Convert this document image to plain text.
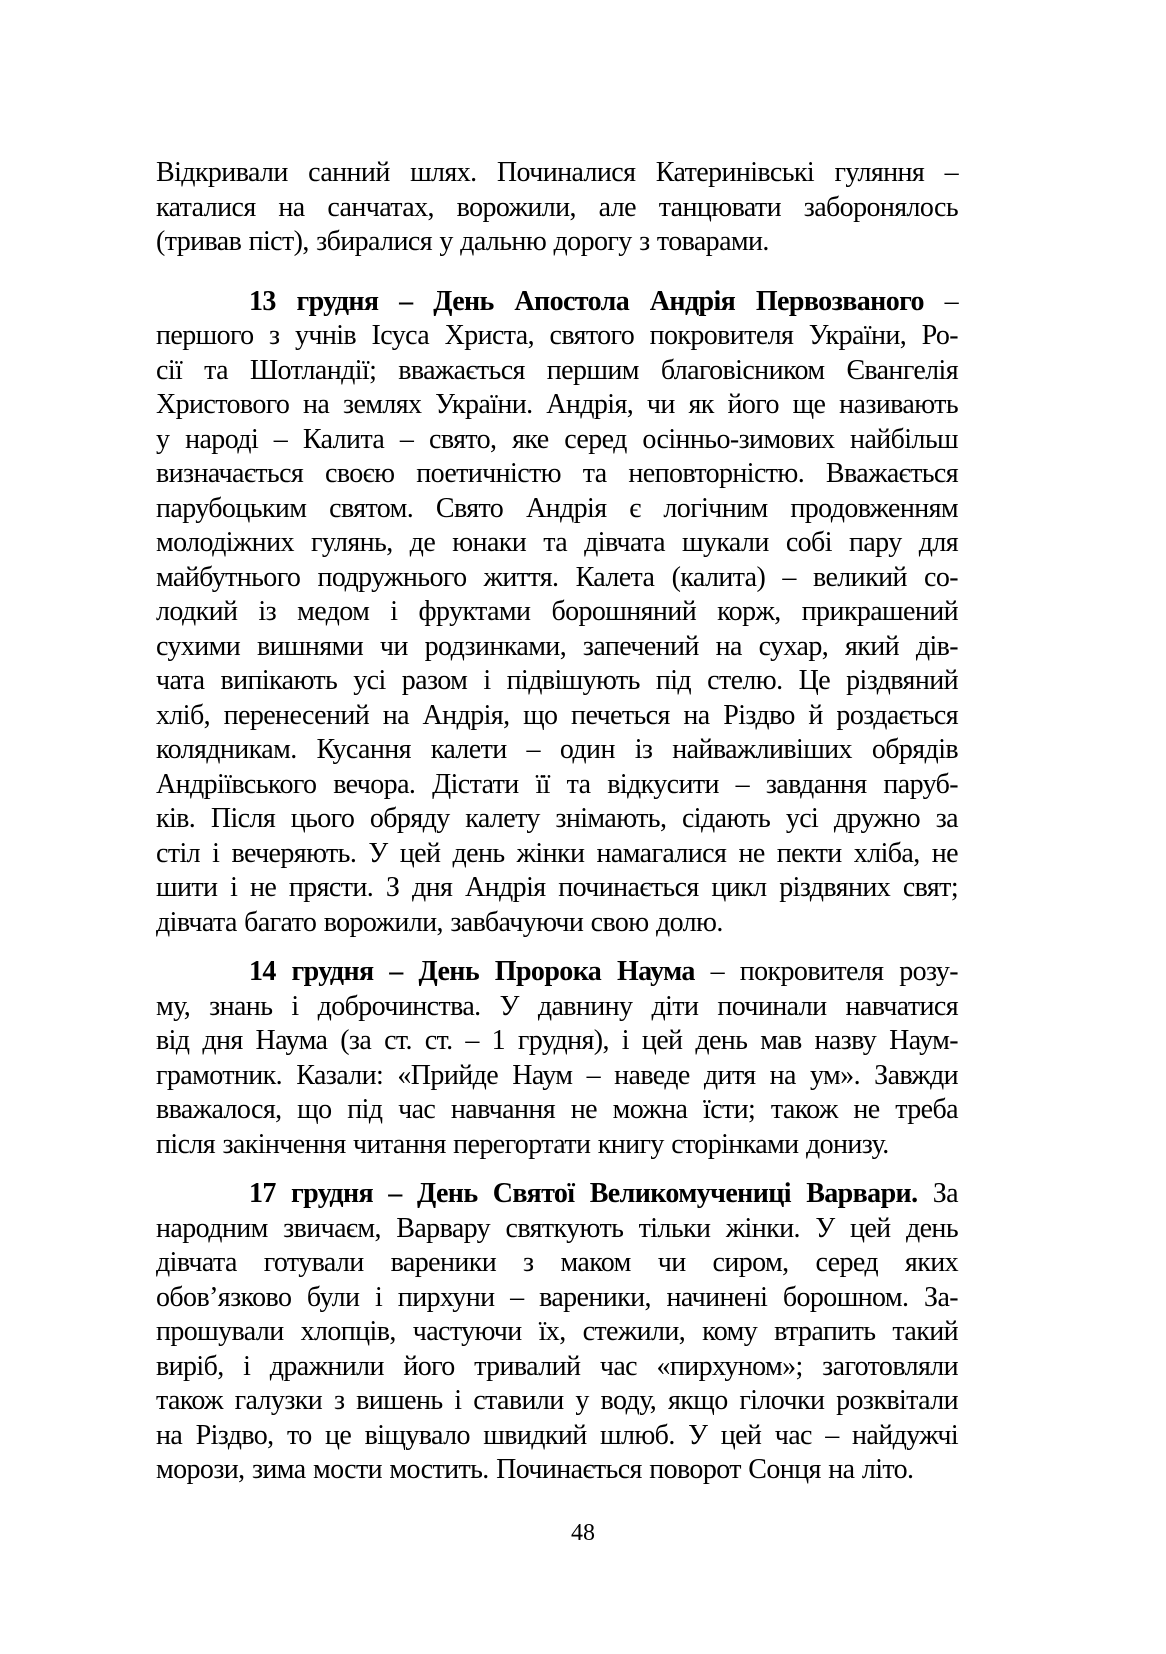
Відкривали санний шлях. Починалися Катеринівські гуляння –
каталися на санчатах, ворожили, але танцювати заборонялось
(тривав піст), збиралися у дальню дорогу з товарами.
13 грудня – День Апостола Андрія Первозваного –
першого з учнів Ісуса Христа, святого покровителя України, Ро-
сії та Шотландії; вважається першим благовісником Євангелія
Христового на землях України. Андрія, чи як його ще називають
у народі – Калита – свято, яке серед осінньо-зимових найбільш
визначається своєю поетичністю та неповторністю. Вважається
парубоцьким святом. Свято Андрія є логічним продовженням
молодіжних гулянь, де юнаки та дівчата шукали собі пару для
майбутнього подружнього життя. Калета (калита) – великий со-
лодкий із медом і фруктами борошняний корж, прикрашений
сухими вишнями чи родзинками, запечений на сухар, який дів-
чата випікають усі разом і підвішують під стелю. Це різдвяний
хліб, перенесений на Андрія, що печеться на Різдво й роздається
колядникам. Кусання калети – один із найважливіших обрядів
Андріївського вечора. Дістати її та відкусити – завдання паруб-
ків. Після цього обряду калету знімають, сідають усі дружно за
стіл і вечеряють. У цей день жінки намагалися не пекти хліба, не
шити і не прясти. З дня Андрія починається цикл різдвяних свят;
дівчата багато ворожили, завбачуючи свою долю.
14 грудня – День Пророка Наума – покровителя розу-
му, знань і доброчинства. У давнину діти починали навчатися
від дня Наума (за ст. ст. – 1 грудня), і цей день мав назву Наум-
грамотник. Казали: «Прийде Наум – наведе дитя на ум». Завжди
вважалося, що під час навчання не можна їсти; також не треба
після закінчення читання перегортати книгу сторінками донизу.
17 грудня – День Святої Великомучениці Варвари. За
народним звичаєм, Варвару святкують тільки жінки. У цей день
дівчата готували вареники з маком чи сиром, серед яких
обов’язково були і пирхуни – вареники, начинені борошном. За-
прошували хлопців, частуючи їх, стежили, кому втрапить такий
виріб, і дражнили його тривалий час «пирхуном»; заготовляли
також галузки з вишень і ставили у воду, якщо гілочки розквітали
на Різдво, то це віщувало швидкий шлюб. У цей час – найдужчі
морози, зима мости мостить. Починається поворот Сонця на літо.
48
